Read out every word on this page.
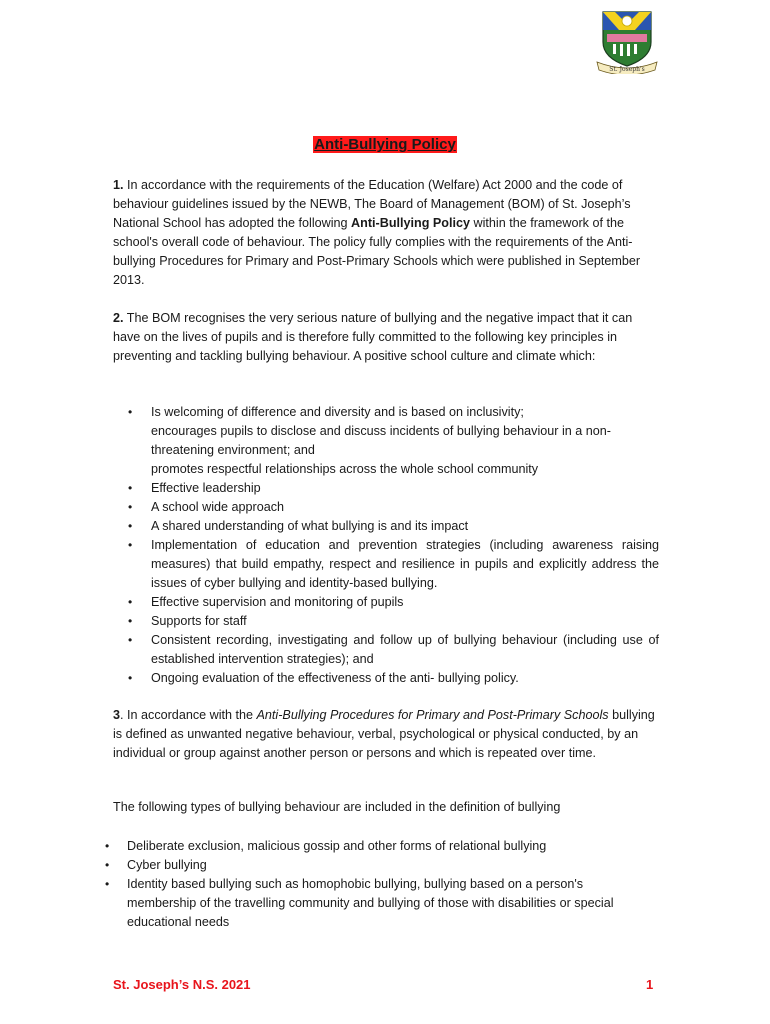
St. Joseph's
Anti-Bullying Policy

1. In accordance with the requirements of the Education (Welfare) Act 2000 and the code of behaviour guidelines issued by the NEWB, The Board of Management (BOM) of St. Joseph’s National School has adopted the following Anti-Bullying Policy within the framework of the school's overall code of behaviour. The policy fully complies with the requirements of the Anti-bullying Procedures for Primary and Post-Primary Schools which were published in September 2013.

2. The BOM recognises the very serious nature of bullying and the negative impact that it can have on the lives of pupils and is therefore fully committed to the following key principles in preventing and tackling bullying behaviour. A positive school culture and climate which:

• Is welcoming of difference and diversity and is based on inclusivity;
encourages pupils to disclose and discuss incidents of bullying behaviour in a non-threatening environment; and
promotes respectful relationships across the whole school community
• Effective leadership
• A school wide approach
• A shared understanding of what bullying is and its impact
• Implementation of education and prevention strategies (including awareness raising measures) that build empathy, respect and resilience in pupils and explicitly address the issues of cyber bullying and identity-based bullying.
• Effective supervision and monitoring of pupils
• Supports for staff
• Consistent recording, investigating and follow up of bullying behaviour (including use of established intervention strategies); and
• Ongoing evaluation of the effectiveness of the anti- bullying policy.

3. In accordance with the Anti-Bullying Procedures for Primary and Post-Primary Schools bullying is defined as unwanted negative behaviour, verbal, psychological or physical conducted, by an individual or group against another person or persons and which is repeated over time.

The following types of bullying behaviour are included in the definition of bullying

• Deliberate exclusion, malicious gossip and other forms of relational bullying
• Cyber bullying
• Identity based bullying such as homophobic bullying, bullying based on a person's membership of the travelling community and bullying of those with disabilities or special educational needs
St. Joseph’s N.S. 2021	1
